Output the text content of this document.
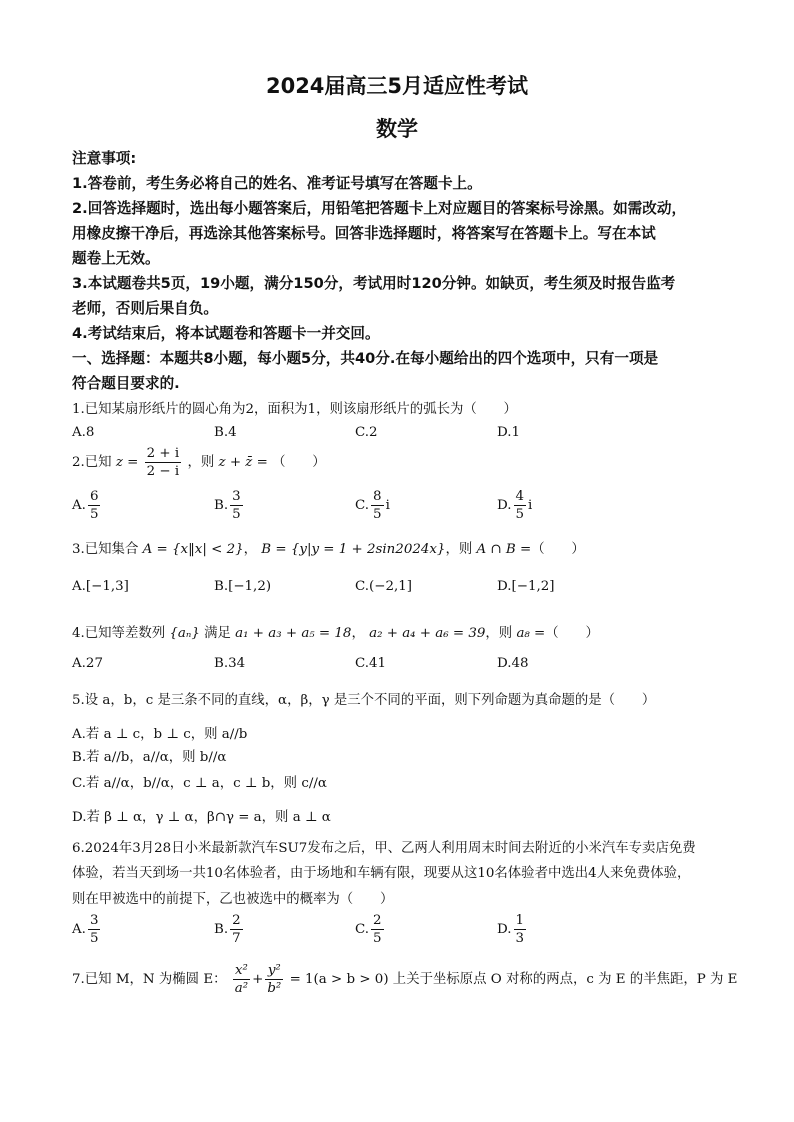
2024届高三5月适应性考试
数学
注意事项:
1.答卷前，考生务必将自己的姓名、准考证号填写在答题卡上。
2.回答选择题时，选出每小题答案后，用铅笔把答题卡上对应题目的答案标号涂黑。如需改动，
用橡皮擦干净后，再选涂其他答案标号。回答非选择题时，将答案写在答题卡上。写在本试
题卷上无效。
3.本试题卷共5页，19小题，满分150分，考试用时120分钟。如缺页，考生须及时报告监考
老师，否则后果自负。
4.考试结束后，将本试题卷和答题卡一并交回。
一、选择题：本题共8小题，每小题5分，共40分.在每小题给出的四个选项中，只有一项是
符合题目要求的.
1.已知某扇形纸片的圆心角为2，面积为1，则该扇形纸片的弧长为（　　）
A.8	B.4	C.2	D.1
2.已知 $z = \frac{2 + i}{2 - i}$ ，则 z + z̄ = （　　）
A. $\frac{6}{5}$	B. $\frac{3}{5}$	C. $\frac{8}{5}$ i	D. $\frac{4}{5}$ i
3.已知集合 A = {x‖x| < 2}， B = {y|y = 1 + 2sin2024x}，则 A ∩ B =（　　）
A.[−1,3]	B.[−1,2)	C.(−2,1]	D.[−1,2]
4.已知等差数列 {aₙ} 满足 a₁ + a₃ + a₅ = 18， a₂ + a₄ + a₆ = 39，则 a₈ =（　　）
A.27	B.34	C.41	D.48
5.设 a，b，c 是三条不同的直线，α，β，γ 是三个不同的平面，则下列命题为真命题的是（　　）
A.若 a ⊥ c，b ⊥ c，则 a//b
B.若 a//b，a//α，则 b//α
C.若 a//α，b//α，c ⊥ a，c ⊥ b，则 c//α
D.若 β ⊥ α，γ ⊥ α，β∩γ = a，则 a ⊥ α
6.2024年3月28日小米最新款汽车SU7发布之后，甲、乙两人利用周末时间去附近的小米汽车专卖店免费
体验，若当天到场一共10名体验者，由于场地和车辆有限，现要从这10名体验者中选出4人来免费体验，
则在甲被选中的前提下，乙也被选中的概率为（　　）
A. $\frac{3}{5}$	B. $\frac{2}{7}$	C. $\frac{2}{5}$	D. $\frac{1}{3}$
7.已知 M，N 为椭圆 E： $\frac{\text{x²}}{\text{a²}} + \frac{\text{y²}}{\text{b²}} = 1(a > b > 0)$ 上关于坐标原点 O 对称的两点，c 为 E 的半焦距，P 为 E
